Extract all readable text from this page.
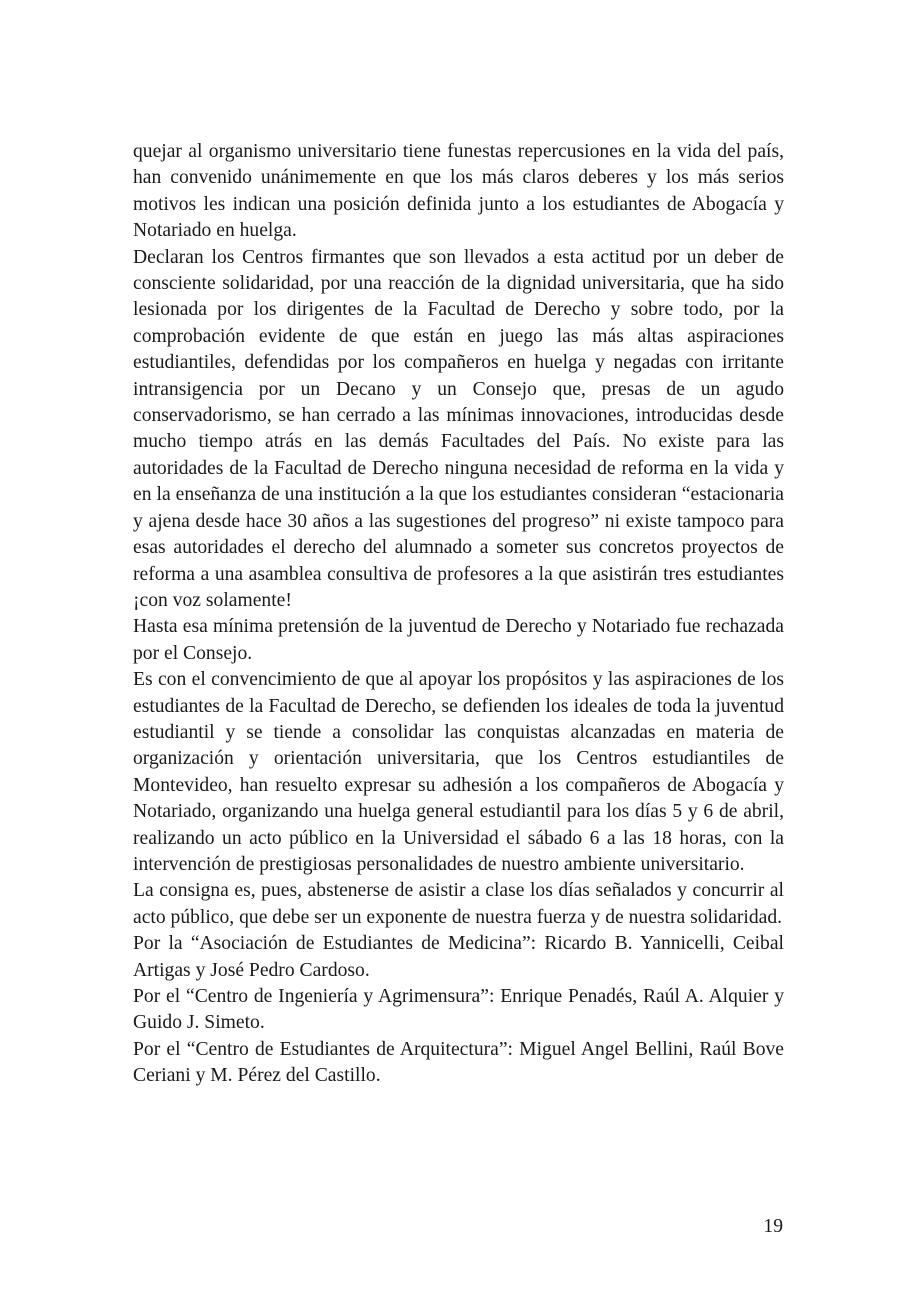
quejar al organismo universitario tiene funestas repercusiones en la vida del país, han convenido unánimemente en que los más claros deberes y los más serios motivos les indican una posición definida junto a los estudiantes de Abogacía y Notariado en huelga.

Declaran los Centros firmantes que son llevados a esta actitud por un deber de consciente solidaridad, por una reacción de la dignidad universitaria, que ha sido lesionada por los dirigentes de la Facultad de Derecho y sobre todo, por la comprobación evidente de que están en juego las más altas aspiraciones estudiantiles, defendidas por los compañeros en huelga y negadas con irritante intransigencia por un Decano y un Consejo que, presas de un agudo conservadorismo, se han cerrado a las mínimas innovaciones, introducidas desde mucho tiempo atrás en las demás Facultades del País. No existe para las autoridades de la Facultad de Derecho ninguna necesidad de reforma en la vida y en la enseñanza de una institución a la que los estudiantes consideran “estacionaria y ajena desde hace 30 años a las sugestiones del progreso” ni existe tampoco para esas autoridades el derecho del alumnado a someter sus concretos proyectos de reforma a una asamblea consultiva de profesores a la que asistirán tres estudiantes ¡con voz solamente!

Hasta esa mínima pretensión de la juventud de Derecho y Notariado fue rechazada por el Consejo.

Es con el convencimiento de que al apoyar los propósitos y las aspiraciones de los estudiantes de la Facultad de Derecho, se defienden los ideales de toda la juventud estudiantil y se tiende a consolidar las conquistas alcanzadas en materia de organización y orientación universitaria, que los Centros estudiantiles de Montevideo, han resuelto expresar su adhesión a los compañeros de Abogacía y Notariado, organizando una huelga general estudiantil para los días 5 y 6 de abril, realizando un acto público en la Universidad el sábado 6 a las 18 horas, con la intervención de prestigiosas personalidades de nuestro ambiente universitario.

La consigna es, pues, abstenerse de asistir a clase los días señalados y concurrir al acto público, que debe ser un exponente de nuestra fuerza y de nuestra solidaridad.

Por la “Asociación de Estudiantes de Medicina”: Ricardo B. Yannicelli, Ceibal Artigas y José Pedro Cardoso.

Por el “Centro de Ingeniería y Agrimensura”: Enrique Penadés, Raúl A. Alquier y Guido J. Simeto.

Por el “Centro de Estudiantes de Arquitectura”: Miguel Angel Bellini, Raúl Bove Ceriani y M. Pérez del Castillo.

19
